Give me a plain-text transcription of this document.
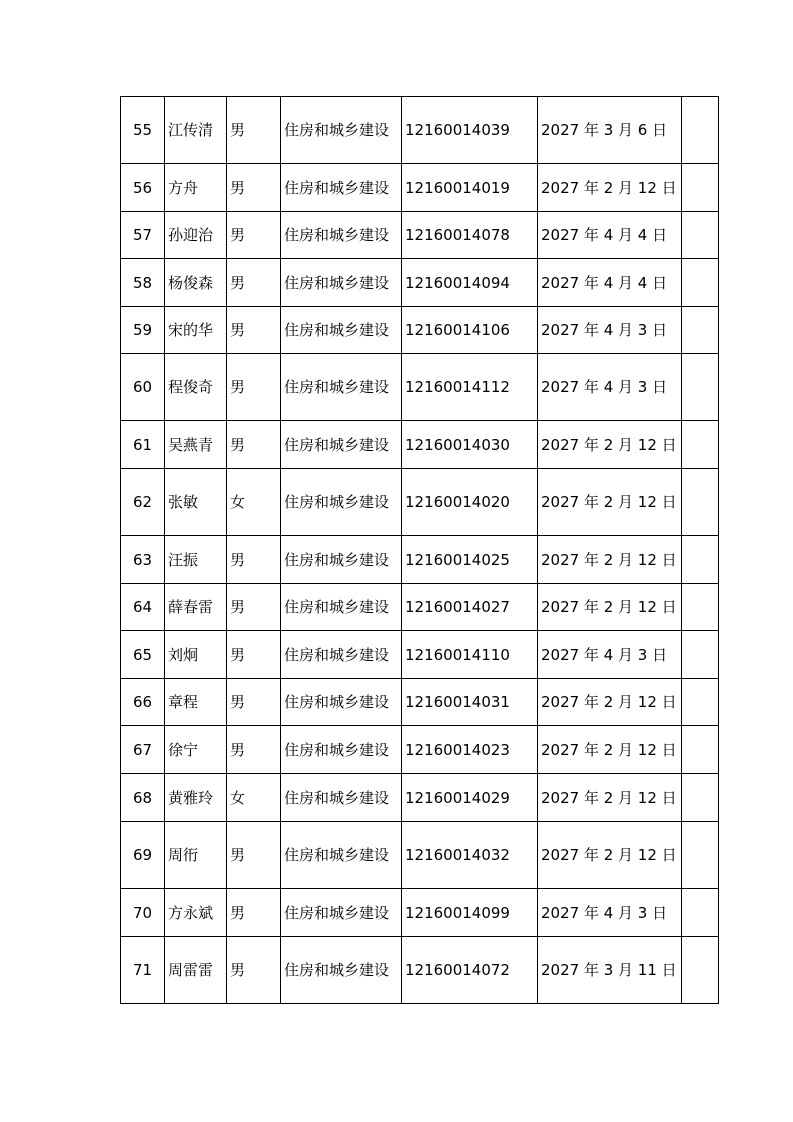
55	江传清	男	住房和城乡建设	12160014039	2027 年 3 月 6 日	
56	方舟	男	住房和城乡建设	12160014019	2027 年 2 月 12 日	
57	孙迎治	男	住房和城乡建设	12160014078	2027 年 4 月 4 日	
58	杨俊森	男	住房和城乡建设	12160014094	2027 年 4 月 4 日	
59	宋的华	男	住房和城乡建设	12160014106	2027 年 4 月 3 日	
60	程俊奇	男	住房和城乡建设	12160014112	2027 年 4 月 3 日	
61	吴燕青	男	住房和城乡建设	12160014030	2027 年 2 月 12 日	
62	张敏	女	住房和城乡建设	12160014020	2027 年 2 月 12 日	
63	汪振	男	住房和城乡建设	12160014025	2027 年 2 月 12 日	
64	薛春雷	男	住房和城乡建设	12160014027	2027 年 2 月 12 日	
65	刘炯	男	住房和城乡建设	12160014110	2027 年 4 月 3 日	
66	章程	男	住房和城乡建设	12160014031	2027 年 2 月 12 日	
67	徐宁	男	住房和城乡建设	12160014023	2027 年 2 月 12 日	
68	黄雅玲	女	住房和城乡建设	12160014029	2027 年 2 月 12 日	
69	周衎	男	住房和城乡建设	12160014032	2027 年 2 月 12 日	
70	方永斌	男	住房和城乡建设	12160014099	2027 年 4 月 3 日	
71	周雷雷	男	住房和城乡建设	12160014072	2027 年 3 月 11 日	
